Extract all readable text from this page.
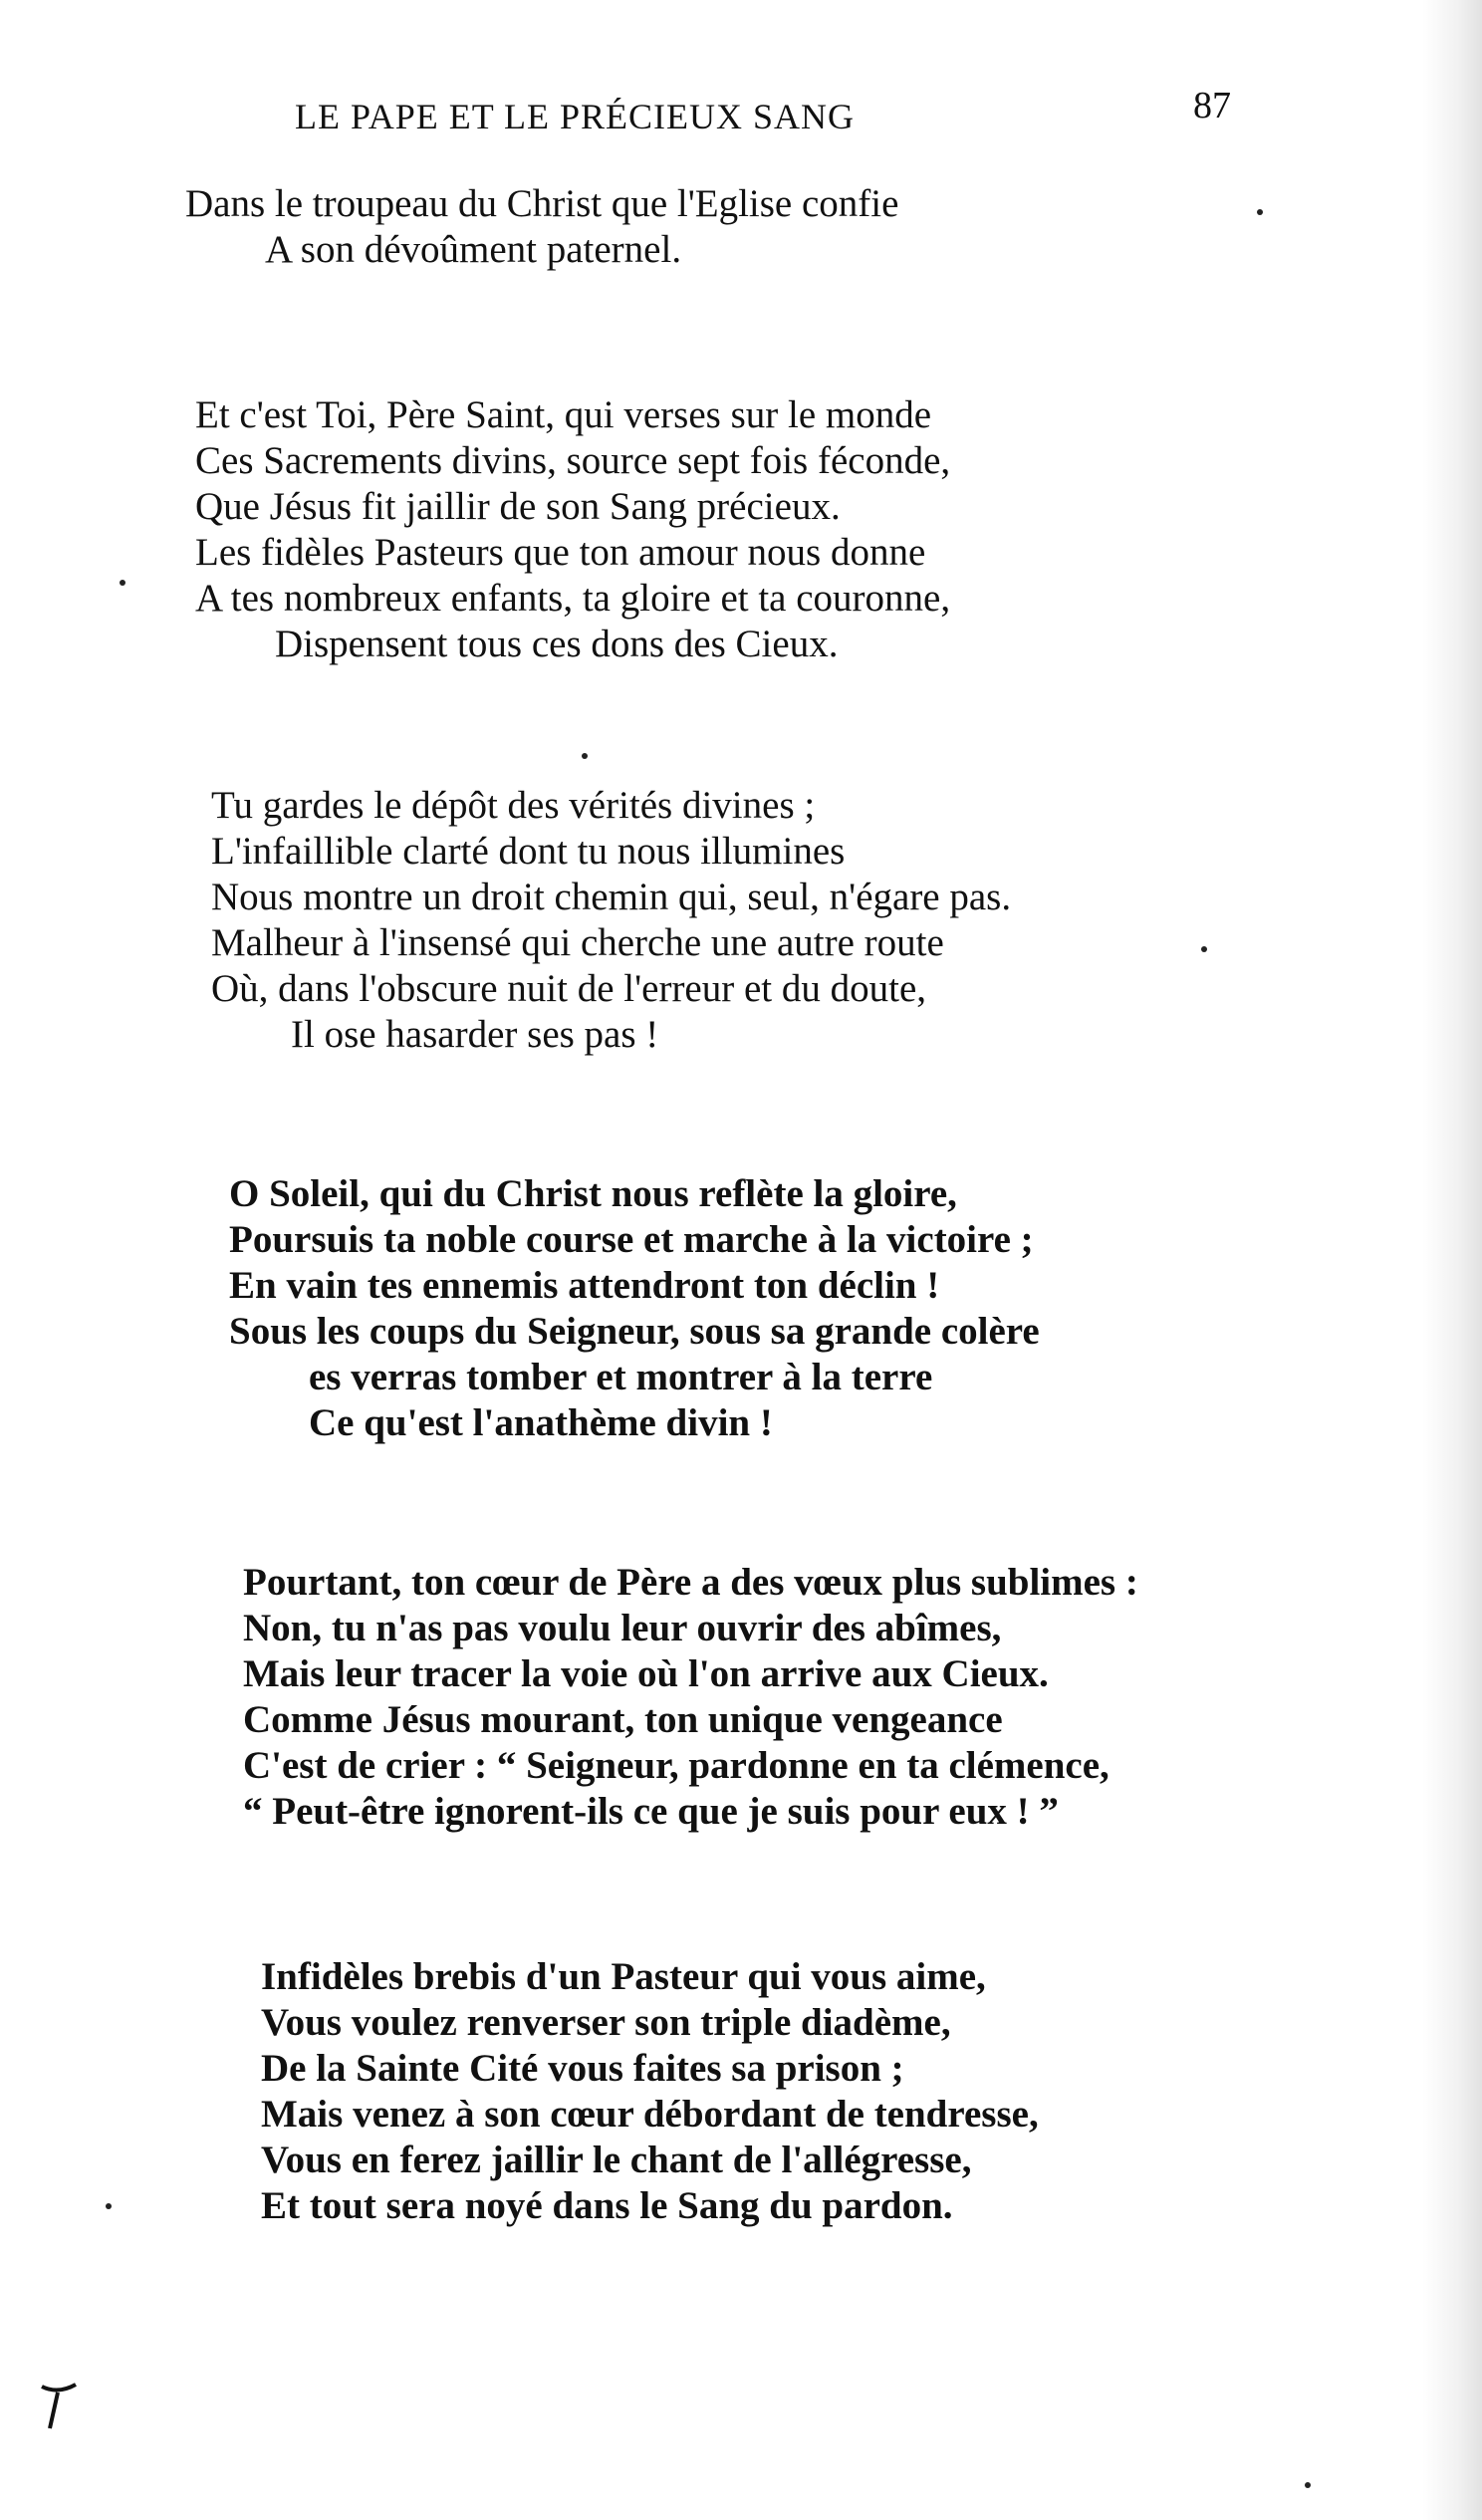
LE PAPE ET LE PRÉCIEUX SANG	87
Dans le troupeau du Christ que l'Eglise confie
A son dévoûment paternel.
Et c'est Toi, Père Saint, qui verses sur le monde
Ces Sacrements divins, source sept fois féconde,
Que Jésus fit jaillir de son Sang précieux.
Les fidèles Pasteurs que ton amour nous donne
A tes nombreux enfants, ta gloire et ta couronne,
Dispensent tous ces dons des Cieux.
Tu gardes le dépôt des vérités divines ;
L'infaillible clarté dont tu nous illumines
Nous montre un droit chemin qui, seul, n'égare pas.
Malheur à l'insensé qui cherche une autre route
Où, dans l'obscure nuit de l'erreur et du doute,
Il ose hasarder ses pas !
O Soleil, qui du Christ nous reflète la gloire,
Poursuis ta noble course et marche à la victoire ;
En vain tes ennemis attendront ton déclin !
Sous les coups du Seigneur, sous sa grande colère
es verras tomber et montrer à la terre
Ce qu'est l'anathème divin !
Pourtant, ton cœur de Père a des vœux plus sublimes :
Non, tu n'as pas voulu leur ouvrir des abîmes,
Mais leur tracer la voie où l'on arrive aux Cieux.
Comme Jésus mourant, ton unique vengeance
C'est de crier : “ Seigneur, pardonne en ta clémence,
“ Peut-être ignorent-ils ce que je suis pour eux ! ”
Infidèles brebis d'un Pasteur qui vous aime,
Vous voulez renverser son triple diadème,
De la Sainte Cité vous faites sa prison ;
Mais venez à son cœur débordant de tendresse,
Vous en ferez jaillir le chant de l'allégresse,
Et tout sera noyé dans le Sang du pardon.
